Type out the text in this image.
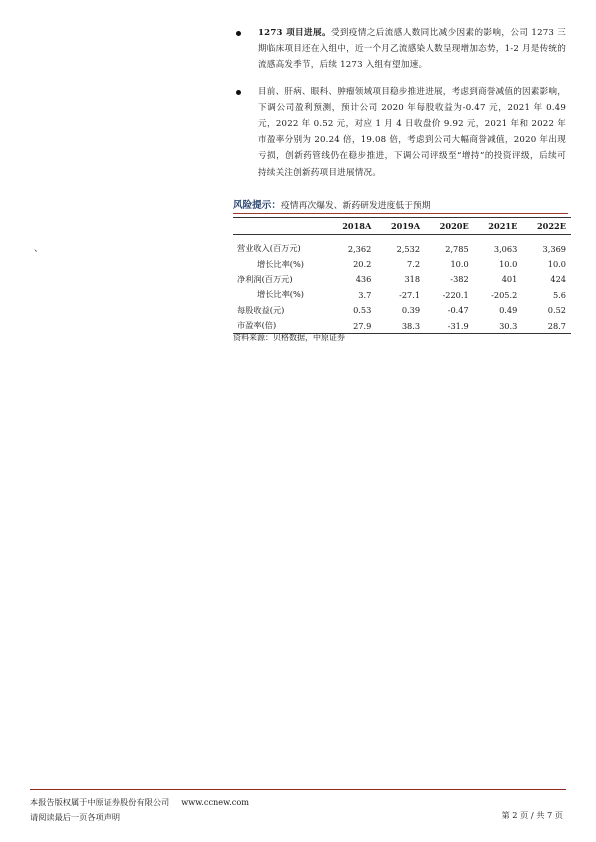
1273 项目进展。受到疫情之后流感人数同比减少因素的影响，公司 1273 三期临床项目还在入组中，近一个月乙流感染人数呈现增加态势，1-2 月是传统的流感高发季节，后续 1273 入组有望加速。
目前、肝病、眼科、肿瘤领域项目稳步推进进展，考虑到商誉减值的因素影响，下调公司盈利预测，预计公司 2020 年每股收益为-0.47 元，2021 年 0.49 元，2022 年 0.52 元，对应 1 月 4 日收盘价 9.92 元，2021 年和 2022 年市盈率分别为 20.24 倍，19.08 倍，考虑到公司大幅商誉减值，2020 年出现亏损，创新药管线仍在稳步推进，下调公司评级至“增持”的投资评级，后续可持续关注创新药项目进展情况。
、
风险提示：疫情再次爆发、新药研发进度低于预期
	2018A	2019A	2020E	2021E	2022E

营业收入(百万元)	2,362	2,532	2,785	3,063	3,369
增长比率(%)	20.2	7.2	10.0	10.0	10.0
净利润(百万元)	436	318	-382	401	424
增长比率(%)	3.7	-27.1	-220.1	-205.2	5.6
每股收益(元)	0.53	0.39	-0.47	0.49	0.52
市盈率(倍)	27.9	38.3	-31.9	30.3	28.7
资料来源：贝格数据，中原证券
本报告版权属于中原证券股份有限公司 www.ccnew.com
请阅读最后一页各项声明	第 2 页 / 共 7 页
